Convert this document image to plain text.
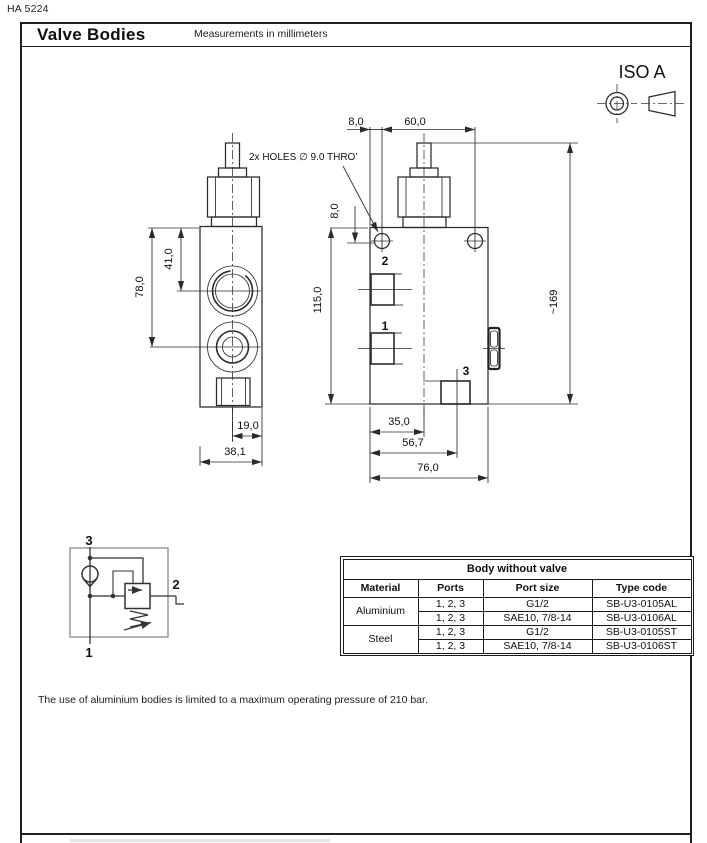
HA 5224
Valve Bodies	Measurements in millimeters
The use of aluminium bodies is limited to a maximum operating pressure of 210 bar.
41,0
78,0
19,0
38,1
2x HOLES ∅ 9.0 THRO’
2
1
3
8,0	60,0
8,0
115,0	~169
35,0
56,7
76,0
ISO A
3
1
2
Body without valve			
Material	Ports	Port size	Type code
Aluminium	1, 2, 3	G1/2	SB-U3-0105AL
	1, 2, 3	SAE10, 7/8-14	SB-U3-0106AL
Steel	1, 2, 3	G1/2	SB-U3-0105ST
	1, 2, 3	SAE10, 7/8-14	SB-U3-0106ST
